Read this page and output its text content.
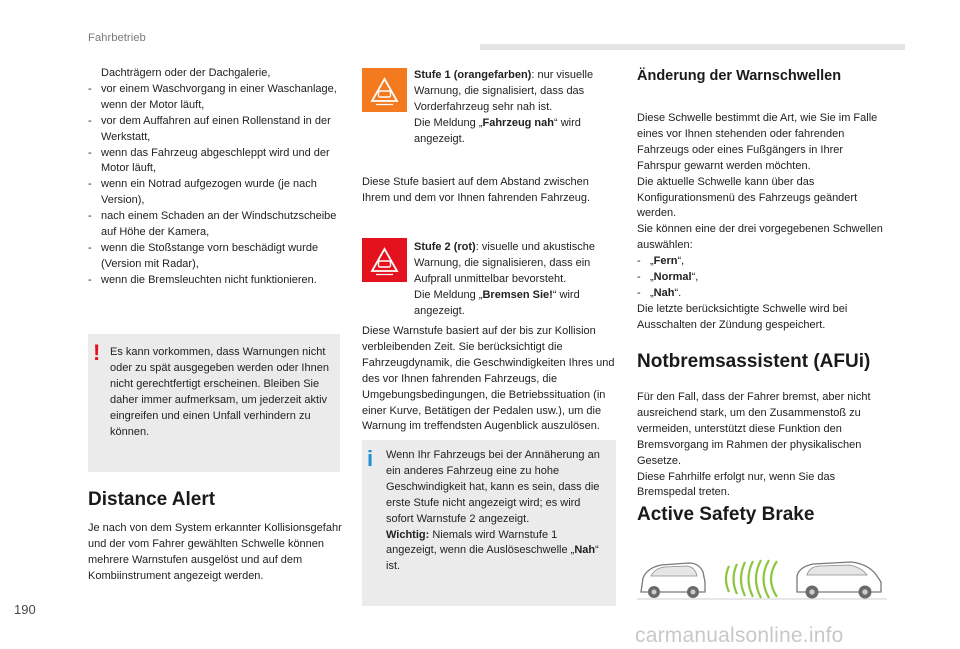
Fahrbetrieb
190
Dachträgern oder der Dachgalerie,
- vor einem Waschvorgang in einer Waschanlage, wenn der Motor läuft,
- vor dem Auffahren auf einen Rollenstand in der Werkstatt,
- wenn das Fahrzeug abgeschleppt wird und der Motor läuft,
- wenn ein Notrad aufgezogen wurde (je nach Version),
- nach einem Schaden an der Windschutzscheibe auf Höhe der Kamera,
- wenn die Stoßstange vorn beschädigt wurde (Version mit Radar),
- wenn die Bremsleuchten nicht funktionieren.
! Es kann vorkommen, dass Warnungen nicht oder zu spät ausgegeben werden oder Ihnen nicht gerechtfertigt erscheinen. Bleiben Sie daher immer aufmerksam, um jederzeit aktiv eingreifen und einen Unfall verhindern zu können.
Distance Alert

Je nach von dem System erkannter Kollisionsgefahr und der vom Fahrer gewählten Schwelle können mehrere Warnstufen ausgelöst und auf dem Kombiinstrument angezeigt werden.

Stufe 1 (orangefarben): nur visuelle Warnung, die signalisiert, dass das Vorderfahrzeug sehr nah ist.
Die Meldung „Fahrzeug nah“ wird angezeigt.

Diese Stufe basiert auf dem Abstand zwischen Ihrem und dem vor Ihnen fahrenden Fahrzeug.

Stufe 2 (rot): visuelle und akustische Warnung, die signalisieren, dass ein Aufprall unmittelbar bevorsteht.
Die Meldung „Bremsen Sie!“ wird angezeigt.

Diese Warnstufe basiert auf der bis zur Kollision verbleibenden Zeit. Sie berücksichtigt die Fahrzeugdynamik, die Geschwindigkeiten Ihres und des vor Ihnen fahrenden Fahrzeugs, die Umgebungsbedingungen, die Betriebssituation (in einer Kurve, Betätigen der Pedalen usw.), um die Warnung im treffendsten Augenblick auszulösen.

i Wenn Ihr Fahrzeugs bei der Annäherung an ein anderes Fahrzeug eine zu hohe Geschwindigkeit hat, kann es sein, dass die erste Stufe nicht angezeigt wird; es wird sofort Warnstufe 2 angezeigt.
Wichtig: Niemals wird Warnstufe 1 angezeigt, wenn die Auslöseschwelle „Nah“ ist.
Änderung der Warnschwellen

Diese Schwelle bestimmt die Art, wie Sie im Falle eines vor Ihnen stehenden oder fahrenden Fahrzeugs oder eines Fußgängers in Ihrer Fahrspur gewarnt werden möchten.

Die aktuelle Schwelle kann über das Konfigurationsmenü des Fahrzeugs geändert werden.

Sie können eine der drei vorgegebenen Schwellen auswählen:

- „Fern“,
- „Normal“,
- „Nah“.

Die letzte berücksichtigte Schwelle wird bei Ausschalten der Zündung gespeichert.

Notbremsassistent (AFUi)

Für den Fall, dass der Fahrer bremst, aber nicht ausreichend stark, um den Zusammenstoß zu vermeiden, unterstützt diese Funktion den Bremsvorgang im Rahmen der physikalischen Gesetze.

Diese Fahrhilfe erfolgt nur, wenn Sie das Bremspedal treten.

Active Safety Brake
carmanualsonline.info
